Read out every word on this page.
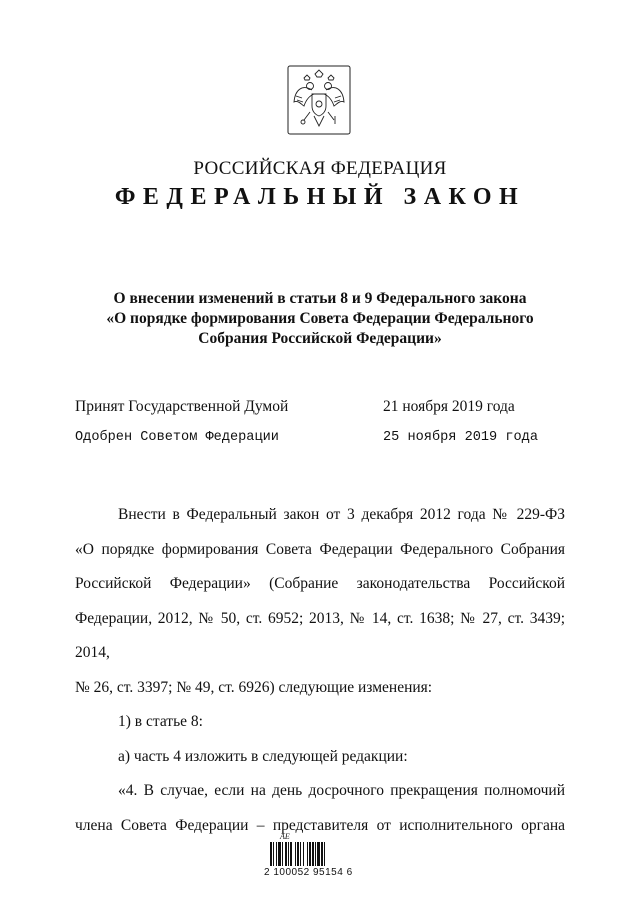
РОССИЙСКАЯ ФЕДЕРАЦИЯ
ФЕДЕРАЛЬНЫЙ ЗАКОН
О внесении изменений в статьи 8 и 9 Федерального закона
«О порядке формирования Совета Федерации Федерального
Собрания Российской Федерации»
Принят Государственной Думой	21 ноября 2019 года
Одобрен Советом Федерации	25 ноября 2019 года

Внести в Федеральный закон от 3 декабря 2012 года № 229-ФЗ

«О порядке формирования Совета Федерации Федерального Собрания

Российской Федерации» (Собрание законодательства Российской

Федерации, 2012, № 50, ст. 6952; 2013, № 14, ст. 1638; № 27, ст. 3439; 2014,

№ 26, ст. 3397; № 49, ст. 6926) следующие изменения:

1) в статье 8:

а) часть 4 изложить в следующей редакции:

«4. В случае, если на день досрочного прекращения полномочий

члена Совета Федерации – представителя от исполнительного органа

АЕ
2 100052 95154 6
